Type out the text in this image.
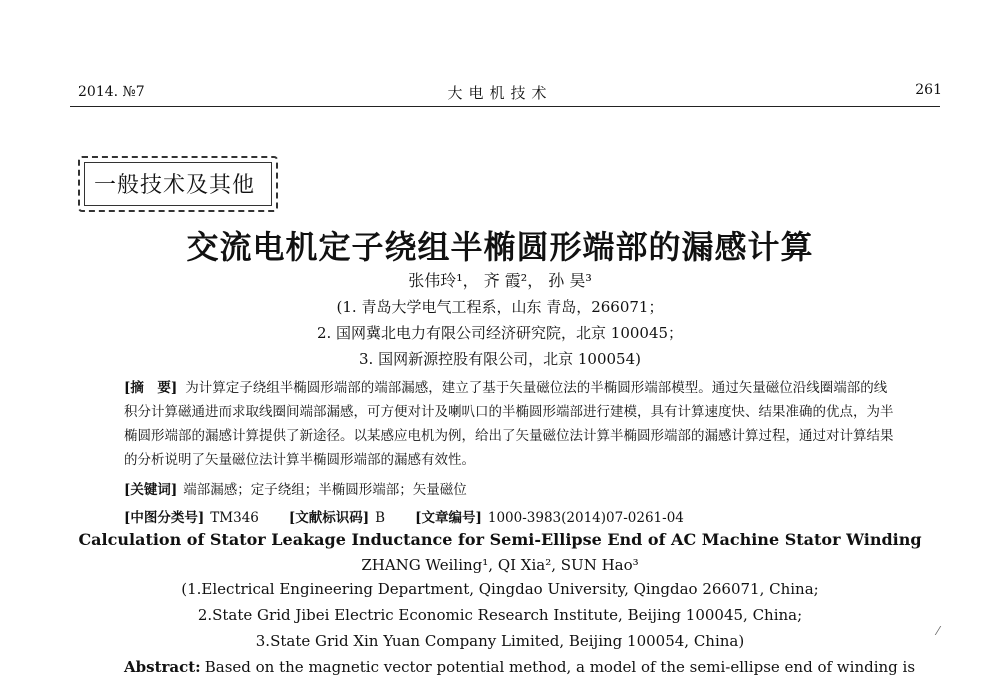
2014. №7	大电机技术	261
一般技术及其他
交流电机定子绕组半椭圆形端部的漏感计算
张伟玲¹， 齐 霞²， 孙 昊³
(1. 青岛大学电气工程系，山东 青岛，266071；
2. 国网冀北电力有限公司经济研究院，北京 100045；
3. 国网新源控股有限公司，北京 100054)
[摘　要] 为计算定子绕组半椭圆形端部的端部漏感，建立了基于矢量磁位法的半椭圆形端部模型。通过矢量磁位沿线圈端部的线积分计算磁通进而求取线圈间端部漏感，可方便对计及喇叭口的半椭圆形端部进行建模，具有计算速度快、结果准确的优点，为半椭圆形端部的漏感计算提供了新途径。以某感应电机为例，给出了矢量磁位法计算半椭圆形端部的漏感计算过程，通过对计算结果的分析说明了矢量磁位法计算半椭圆形端部的漏感有效性。
[关键词] 端部漏感；定子绕组；半椭圆形端部；矢量磁位
[中图分类号] TM346 [文献标识码] B [文章编号] 1000-3983(2014)07-0261-04
Calculation of Stator Leakage Inductance for Semi-Ellipse End of AC Machine Stator Winding
ZHANG Weiling¹, QI Xia², SUN Hao³
(1.Electrical Engineering Department, Qingdao University, Qingdao 266071, China;
2.State Grid Jibei Electric Economic Research Institute, Beijing 100045, China;
3.State Grid Xin Yuan Company Limited, Beijing 100054, China)
Abstract: Based on the magnetic vector potential method, a model of the semi-ellipse end of winding is
⁄
